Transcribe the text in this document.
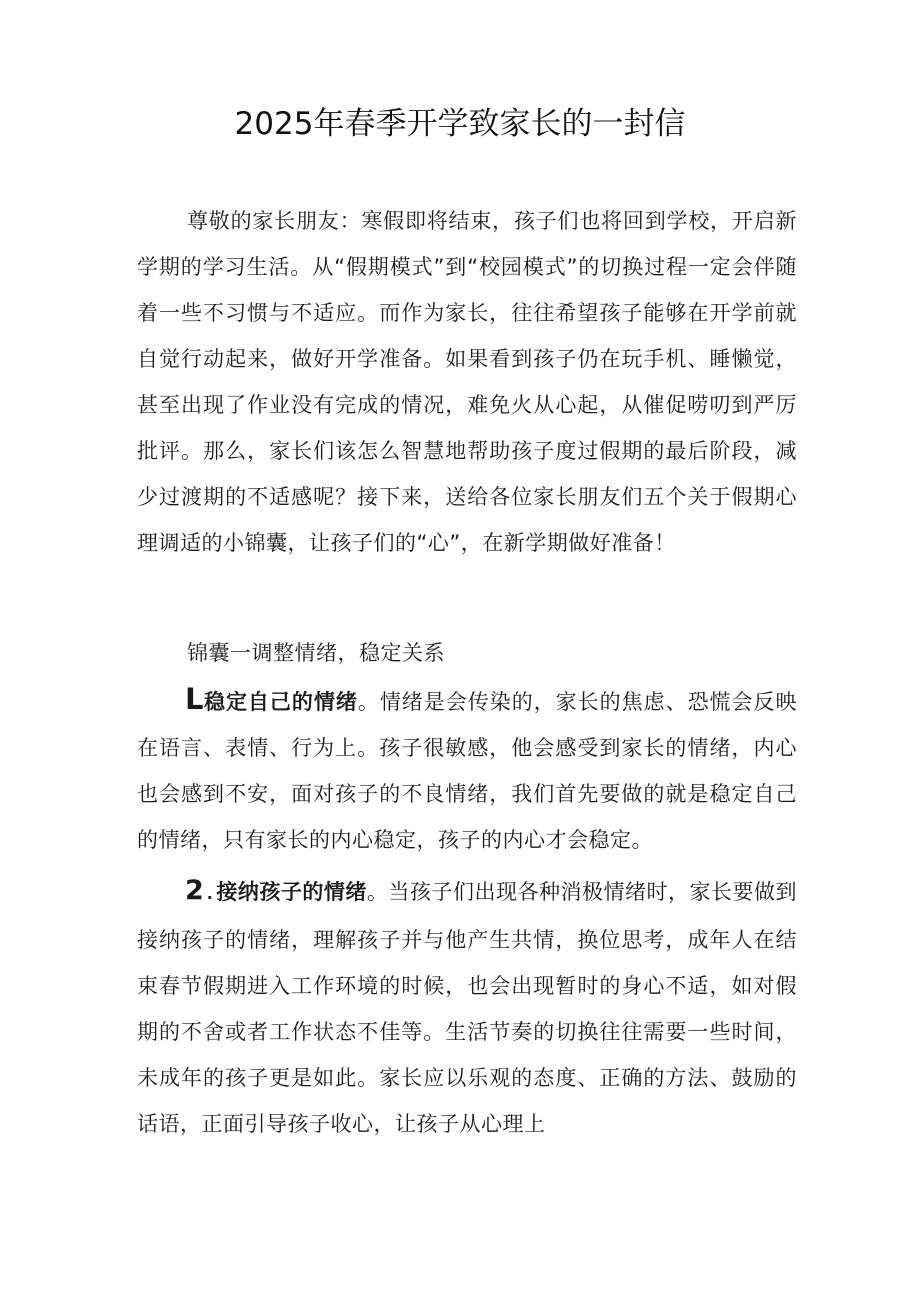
2025年春季开学致家长的一封信
尊敬的家长朋友：寒假即将结束，孩子们也将回到学校，开启新学期的学习生活。从“假期模式”到“校园模式”的切换过程一定会伴随着一些不习惯与不适应。而作为家长，往往希望孩子能够在开学前就自觉行动起来，做好开学准备。如果看到孩子仍在玩手机、睡懒觉，甚至出现了作业没有完成的情况，难免火从心起，从催促唠叨到严厉批评。那么，家长们该怎么智慧地帮助孩子度过假期的最后阶段，减少过渡期的不适感呢？接下来，送给各位家长朋友们五个关于假期心理调适的小锦囊，让孩子们的“心”，在新学期做好准备！
锦囊一调整情绪，稳定关系
L稳定自己的情绪。情绪是会传染的，家长的焦虑、恐慌会反映在语言、表情、行为上。孩子很敏感，他会感受到家长的情绪，内心也会感到不安，面对孩子的不良情绪，我们首先要做的就是稳定自己的情绪，只有家长的内心稳定，孩子的内心才会稳定。
2 . 接纳孩子的情绪。当孩子们出现各种消极情绪时，家长要做到接纳孩子的情绪，理解孩子并与他产生共情，换位思考，成年人在结束春节假期进入工作环境的时候，也会出现暂时的身心不适，如对假期的不舍或者工作状态不佳等。生活节奏的切换往往需要一些时间，未成年的孩子更是如此。家长应以乐观的态度、正确的方法、鼓励的话语，正面引导孩子收心，让孩子从心理上
